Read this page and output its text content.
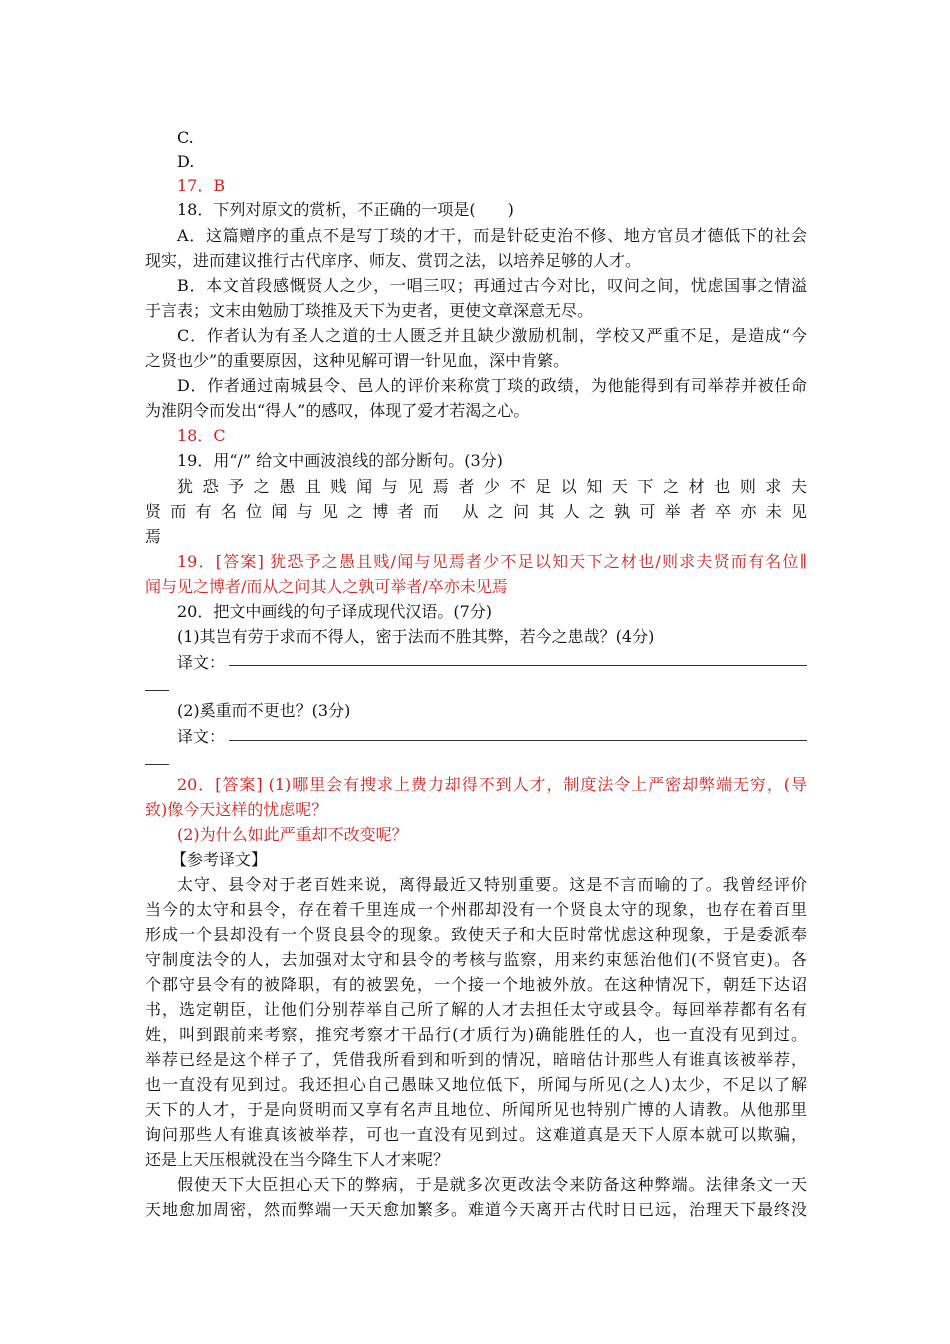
C.
D.
17．B
18．下列对原文的赏析，不正确的一项是(　　)
A．这篇赠序的重点不是写丁琰的才干，而是针砭吏治不修、地方官员才德低下的社会
现实，进而建议推行古代庠序、师友、赏罚之法，以培养足够的人才。
B．本文首段感慨贤人之少，一唱三叹；再通过古今对比，叹问之间，忧虑国事之情溢
于言表；文末由勉励丁琰推及天下为吏者，更使文章深意无尽。
C．作者认为有圣人之道的士人匮乏并且缺少激励机制，学校又严重不足，是造成“今
之贤也少”的重要原因，这种见解可谓一针见血，深中肯綮。
D．作者通过南城县令、邑人的评价来称赏丁琰的政绩，为他能得到有司举荐并被任命
为淮阴令而发出“得人”的感叹，体现了爱才若渴之心。
18．C
19．用“/” 给文中画波浪线的部分断句。(3分)
犹恐予之愚且贱闻与见焉者少不足以知天下之材也则求夫
贤而有名位闻与见之博者而 从之问其人之孰可举者卒亦未见
焉
19．[答案] 犹恐予之愚且贱/闻与见焉者少不足以知天下之材也/则求夫贤而有名位∥
闻与见之博者/而从之问其人之孰可举者/卒亦未见焉
20．把文中画线的句子译成现代汉语。(7分)
(1)其岂有劳于求而不得人，密于法而不胜其弊，若今之患哉？(4分)
译文：
(2)奚重而不更也？(3分)
译文：
20．[答案] (1)哪里会有搜求上费力却得不到人才，制度法令上严密却弊端无穷，(导
致)像今天这样的忧虑呢？
(2)为什么如此严重却不改变呢？
【参考译文】
太守、县令对于老百姓来说，离得最近又特别重要。这是不言而喻的了。我曾经评价
当今的太守和县令，存在着千里连成一个州郡却没有一个贤良太守的现象，也存在着百里
形成一个县却没有一个贤良县令的现象。致使天子和大臣时常忧虑这种现象，于是委派奉
守制度法令的人，去加强对太守和县令的考核与监察，用来约束惩治他们(不贤官吏)。各
个郡守县令有的被降职，有的被罢免，一个接一个地被外放。在这种情况下，朝廷下达诏
书，选定朝臣，让他们分别荐举自己所了解的人才去担任太守或县令。每回举荐都有名有
姓，叫到跟前来考察，推究考察才干品行(才质行为)确能胜任的人，也一直没有见到过。
举荐已经是这个样子了，凭借我所看到和听到的情况，暗暗估计那些人有谁真该被举荐，
也一直没有见到过。我还担心自己愚昧又地位低下，所闻与所见(之人)太少，不足以了解
天下的人才，于是向贤明而又享有名声且地位、所闻所见也特别广博的人请教。从他那里
询问那些人有谁真该被举荐，可也一直没有见到过。这难道真是天下人原本就可以欺骗，
还是上天压根就没在当今降生下人才来呢？
假使天下大臣担心天下的弊病，于是就多次更改法令来防备这种弊端。法律条文一天
天地愈加周密，然而弊端一天天愈加繁多。难道今天离开古代时日已远，治理天下最终没
